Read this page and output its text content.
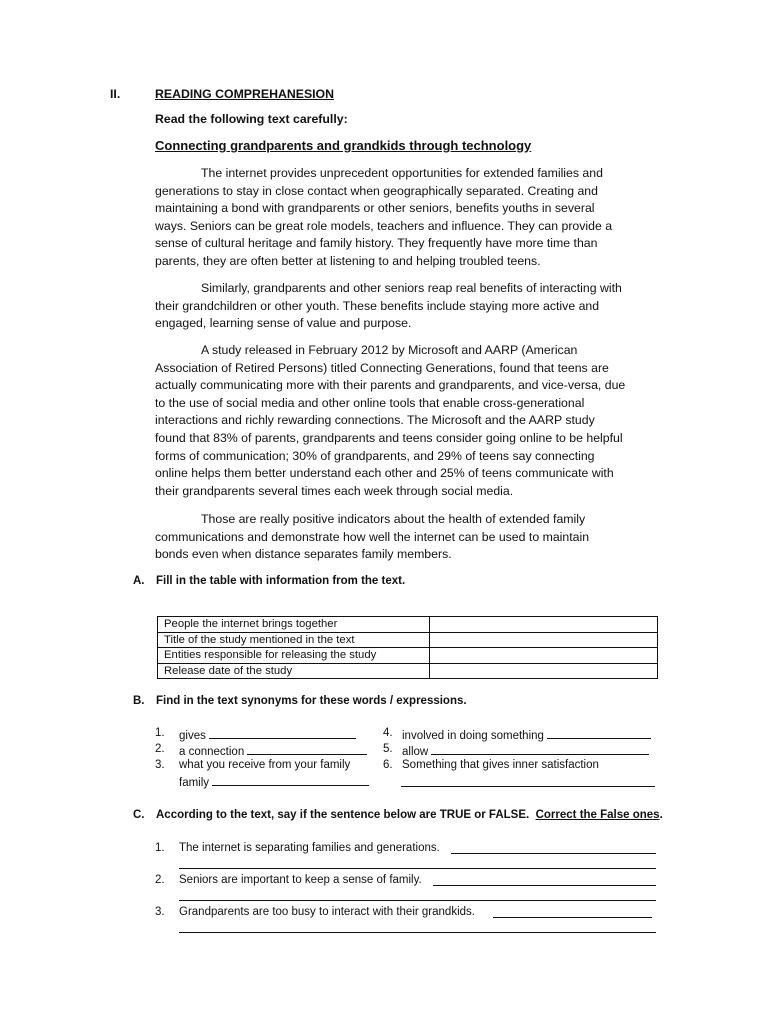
II.	READING COMPREHANESION
Read the following text carefully:
Connecting grandparents and grandkids through technology
The internet provides unprecedent opportunities for extended families and
generations to stay in close contact when geographically separated. Creating and
maintaining a bond with grandparents or other seniors, benefits youths in several
ways. Seniors can be great role models, teachers and influence. They can provide a
sense of cultural heritage and family history. They frequently have more time than
parents, they are often better at listening to and helping troubled teens.
Similarly, grandparents and other seniors reap real benefits of interacting with
their grandchildren or other youth. These benefits include staying more active and
engaged, learning sense of value and purpose.
A study released in February 2012 by Microsoft and AARP (American
Association of Retired Persons) titled Connecting Generations, found that teens are
actually communicating more with their parents and grandparents, and vice-versa, due
to the use of social media and other online tools that enable cross-generational
interactions and richly rewarding connections. The Microsoft and the AARP study
found that 83% of parents, grandparents and teens consider going online to be helpful
forms of communication; 30% of grandparents, and 29% of teens say connecting
online helps them better understand each other and 25% of teens communicate with
their grandparents several times each week through social media.
Those are really positive indicators about the health of extended family
communications and demonstrate how well the internet can be used to maintain
bonds even when distance separates family members.
A. Fill in the table with information from the text.
People the internet brings together	
Title of the study mentioned in the text	
Entities responsible for releasing the study	
Release date of the study	
B. Find in the text synonyms for these words / expressions.
1. gives
2. a connection
3. what you receive from your family
family
4. involved in doing something
5. allow
6. Something that gives inner satisfaction
C. According to the text, say if the sentence below are TRUE or FALSE. Correct the False ones.
1. The internet is separating families and generations.
2. Seniors are important to keep a sense of family.
3. Grandparents are too busy to interact with their grandkids.
